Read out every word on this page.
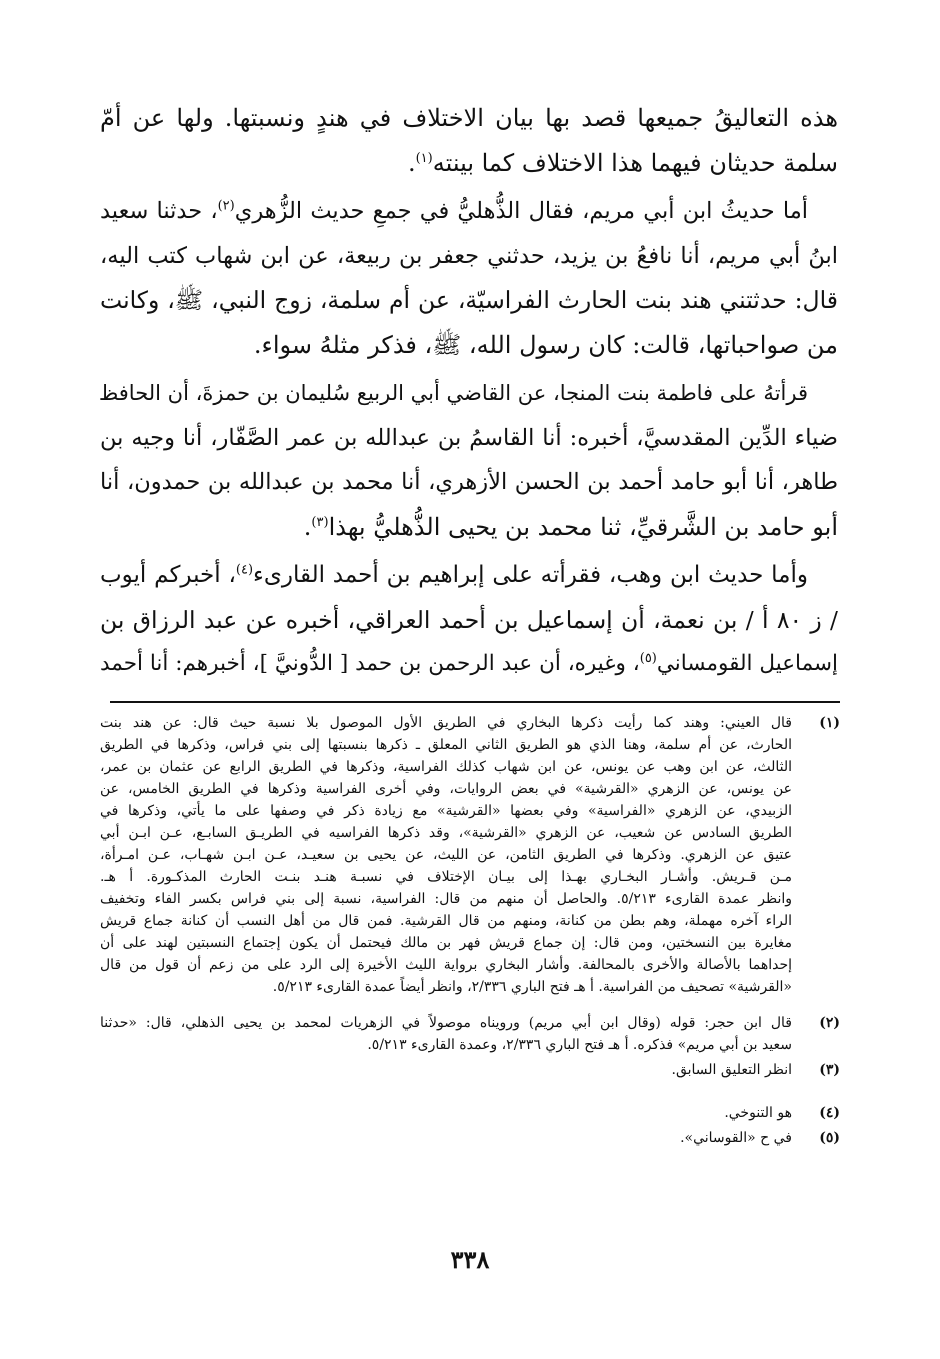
هذه التعاليقُ جميعها قصد بها بيان الاختلاف في هندٍ ونسبتها. ولها عن أمّ
سلمة حديثان فيهما هذا الاختلاف كما بينته$^{(١)}$.

أما حديثُ ابن أبي مريم، فقال الذُّهليُّ في جمعِ حديث الزُّهري$^{(٢)}$، حدثنا سعيد
ابنُ أبي مريم، أنا نافعُ بن يزيد، حدثني جعفر بن ربيعة، عن ابن شهاب كتب اليه،
قال: حدثتني هند بنت الحارث الفراسيّة، عن أم سلمة، زوج النبي، ﷺ، وكانت
من صواحباتها، قالت: كان رسول الله، ﷺ، فذكر مثلهُ سواء.

قرأتهُ على فاطمة بنت المنجا، عن القاضي أبي الربيع سُليمان بن حمزةَ، أن الحافظ
ضياء الدِّين المقدسيَّ، أخبره: أنا القاسمُ بن عبدالله بن عمر الصَّفّار، أنا وجيه بن
طاهر، أنا أبو حامد أحمد بن الحسن الأزهري، أنا محمد بن عبدالله بن حمدون، أنا
أبو حامد بن الشَّرقيِّ، ثنا محمد بن يحيى الذُّهليُّ بهذا$^{(٣)}$.

وأما حديث ابن وهب، فقرأته على إبراهيم بن أحمد القارىء$^{(٤)}$، أخبركم أيوب
/ ز ٨٠ أ / بن نعمة، أن إسماعيل بن أحمد العراقي، أخبره عن عبد الرزاق بن
إسماعيل القومساني$^{(٥)}$، وغيره، أن عبد الرحمن بن حمد [ الدُّونيَّ ]، أخبرهم: أنا أحمد

(١)
قال العيني: وهند كما رأيت ذكرها البخاري في الطريق الأول الموصول بلا نسبة حيث قال: عن هند بنت
الحارث، عن أم سلمة، وهنا الذي هو الطريق الثاني المعلق ـ ذكرها بنسبتها إلى بني فراس، وذكرها في الطريق
الثالث، عن ابن وهب عن يونس، عن ابن شهاب كذلك الفراسية، وذكرها في الطريق الرابع عن عثمان بن عمر،
عن يونس، عن الزهري «القرشية» في بعض الروايات، وفي أخرى الفراسية وذكرها في الطريق الخامس، عن
الزبيدي، عن الزهري «الفراسية» وفي بعضها «القرشية» مع زيادة ذكر في وصفها على ما يأتي، وذكرها في
الطريق السادس عن شعيب، عن الزهري «القرشية»، وقد ذكرها الفراسيه في الطريـق السابـع، عـن ابـن أبي
عتيق عن الزهري. وذكرها في الطريق الثامن، عن الليث، عن يحيى بن سعيـد، عـن ابـن شهـاب، عـن امـرأة،
مـن قـريش. وأشـار البخـاري بهـذا إلى بيـان الإختلاف في نسبـة هنـد بنـت الحارث المذكـورة. أ هـ.
وانظر عمدة القارىء ٥/٢١٣. والحاصل أن منهم من قال: الفراسية، نسبة إلى بني فراس بكسر الفاء وتخفيف
الراء آخره مهملة، وهم بطن من كنانة، ومنهم من قال القرشية. فمن قال من أهل النسب أن كنانة جماع قريش
مغايرة بين النسختين، ومن قال: إن جماع قريش فهر بن مالك فيحتمل أن يكون إجتماع النسبتين لهند على أن
إحداهما بالأصالة والأخرى بالمحالفة. وأشار البخاري برواية الليث الأخيرة إلى الرد على من زعم أن قول من قال
«القرشية» تصحيف من الفراسية. أ هـ فتح الباري ٢/٣٣٦، وانظر أيضاً عمدة القارىء ٥/٢١٣.
(٢)
قال ابن حجر: قوله (وقال ابن أبي مريم) ورويناه موصولاً في الزهريات لمحمد بن يحيى الذهلي، قال: «حدثنا
سعيد بن أبي مريم» فذكره. أ هـ فتح الباري ٢/٣٣٦، وعمدة القارىء ٥/٢١٣.
(٣)
انظر التعليق السابق.
(٤)
هو التنوخي.
(٥)
في ح «القوساني».
٣٣٨
